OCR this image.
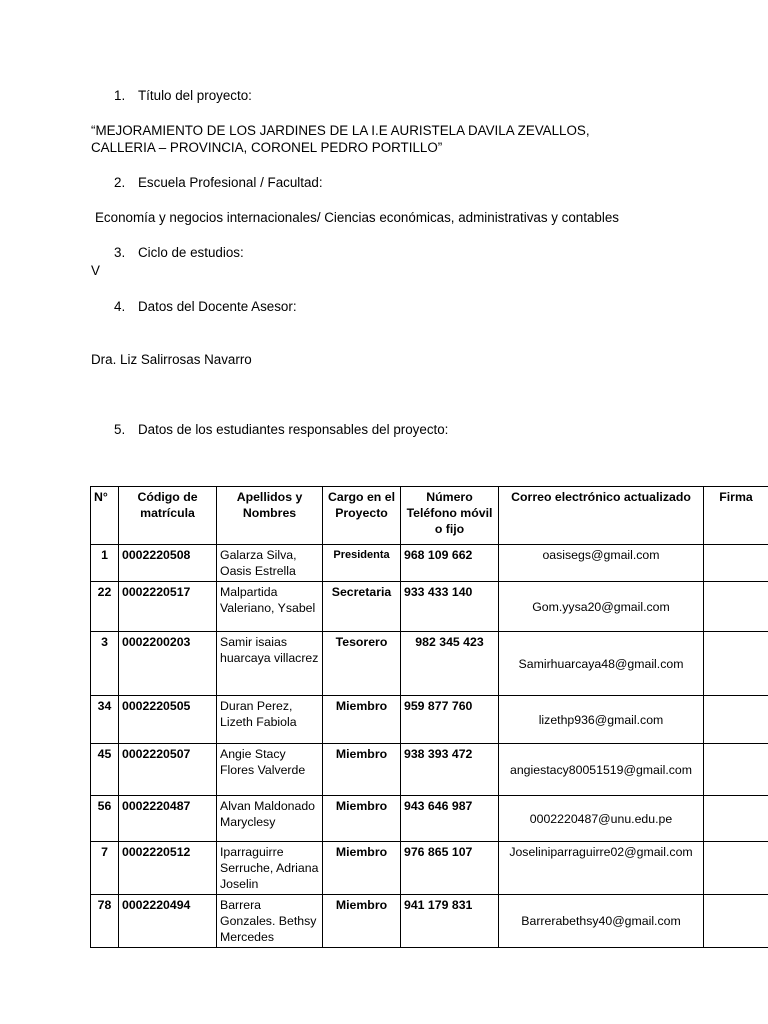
1. Título del proyecto:
“MEJORAMIENTO DE LOS JARDINES DE LA I.E AURISTELA DAVILA ZEVALLOS,
CALLERIA – PROVINCIA, CORONEL PEDRO PORTILLO”
2. Escuela Profesional / Facultad:
Economía y negocios internacionales/ Ciencias económicas, administrativas y contables
3. Ciclo de estudios:
V
4. Datos del Docente Asesor:
Dra. Liz Salirrosas Navarro
5. Datos de los estudiantes responsables del proyecto:
N°	Código de matrícula	Apellidos y Nombres	Cargo en el Proyecto	Número Teléfono móvil o fijo	Correo electrónico actualizado	Firma
1	0002220508	Galarza Silva, Oasis Estrella	Presidenta	968 109 662	oasisegs@gmail.com	
22	0002220517	Malpartida Valeriano, Ysabel	Secretaria	933 433 140	Gom.yysa20@gmail.com	
3	0002200203	Samir isaias huarcaya villacrez	Tesorero	982 345 423	Samirhuarcaya48@gmail.com	
34	0002220505	Duran Perez, Lizeth Fabiola	Miembro	959 877 760	lizethp936@gmail.com	
45	0002220507	Angie Stacy Flores Valverde	Miembro	938 393 472	angiestacy80051519@gmail.com	
56	0002220487	Alvan Maldonado Maryclesy	Miembro	943 646 987	0002220487@unu.edu.pe	
7	0002220512	Iparraguirre Serruche, Adriana Joselin	Miembro	976 865 107	Joseliniparraguirre02@gmail.com	
78	0002220494	Barrera Gonzales. Bethsy Mercedes	Miembro	941 179 831	Barrerabethsy40@gmail.com	
